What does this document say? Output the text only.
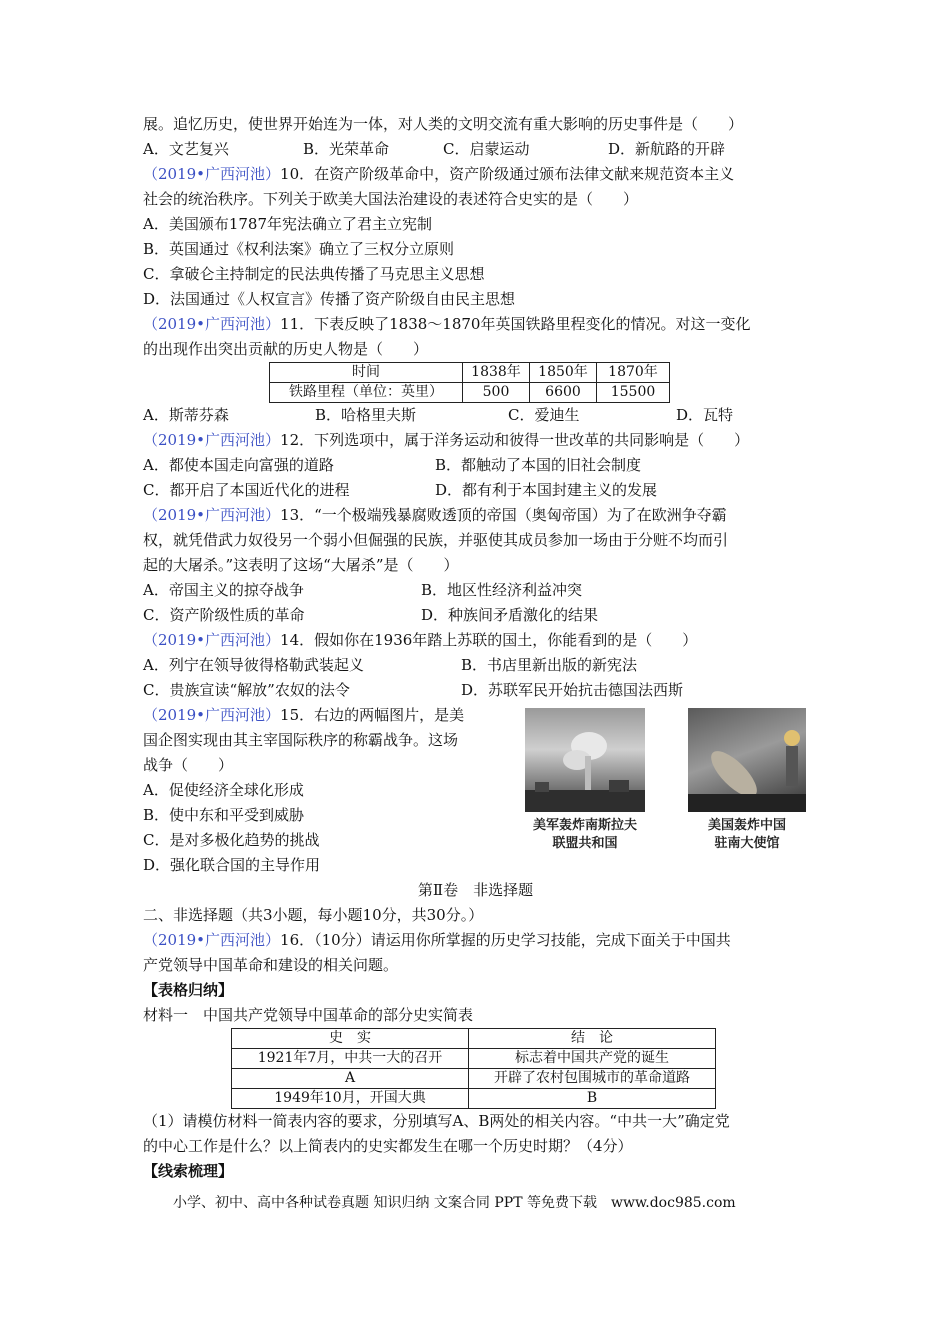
展。追忆历史，使世界开始连为一体，对人类的文明交流有重大影响的历史事件是（　　）
A．文艺复兴	B．光荣革命	C．启蒙运动	D．新航路的开辟
（2019•广西河池）10．在资产阶级革命中，资产阶级通过颁布法律文献来规范资本主义
社会的统治秩序。下列关于欧美大国法治建设的表述符合史实的是（　　）
A．美国颁布1787年宪法确立了君主立宪制
B．英国通过《权利法案》确立了三权分立原则
C．拿破仑主持制定的民法典传播了马克思主义思想
D．法国通过《人权宣言》传播了资产阶级自由民主思想
（2019•广西河池）11．下表反映了1838～1870年英国铁路里程变化的情况。对这一变化
的出现作出突出贡献的历史人物是（　　）
时间	1838年	1850年	1870年
铁路里程（单位：英里）	500	6600	15500
A．斯蒂芬森	B．哈格里夫斯	C．爱迪生	D．瓦特
（2019•广西河池）12．下列选项中，属于洋务运动和彼得一世改革的共同影响是（　　）
A．都使本国走向富强的道路	B．都触动了本国的旧社会制度
C．都开启了本国近代化的进程	D．都有利于本国封建主义的发展
（2019•广西河池）13．“一个极端残暴腐败透顶的帝国（奥匈帝国）为了在欧洲争夺霸
权，就凭借武力奴役另一个弱小但倔强的民族，并驱使其成员参加一场由于分赃不均而引
起的大屠杀。”这表明了这场“大屠杀”是（　　）
A．帝国主义的掠夺战争	B．地区性经济利益冲突
C．资产阶级性质的革命	D．种族间矛盾激化的结果
（2019•广西河池）14．假如你在1936年踏上苏联的国土，你能看到的是（　　）
A．列宁在领导彼得格勒武装起义	B．书店里新出版的新宪法
C．贵族宣读“解放”农奴的法令	D．苏联军民开始抗击德国法西斯
（2019•广西河池）15．右边的两幅图片，是美
国企图实现由其主宰国际秩序的称霸战争。这场
战争（　　）
A．促使经济全球化形成
B．使中东和平受到威胁
C．是对多极化趋势的挑战
D．强化联合国的主导作用
第Ⅱ卷　非选择题
二、非选择题（共3小题，每小题10分，共30分。）
（2019•广西河池）16．（10分）请运用你所掌握的历史学习技能，完成下面关于中国共
产党领导中国革命和建设的相关问题。
【表格归纳】
材料一　中国共产党领导中国革命的部分史实简表
史　实	结　论
1921年7月，中共一大的召开	标志着中国共产党的诞生
A	开辟了农村包围城市的革命道路
1949年10月，开国大典	B
（1）请模仿材料一简表内容的要求，分别填写A、B两处的相关内容。“中共一大”确定党
的中心工作是什么？以上简表内的史实都发生在哪一个历史时期？（4分）
【线索梳理】
美军轰炸南斯拉夫
联盟共和国
美国轰炸中国
驻南大使馆
小学、初中、高中各种试卷真题 知识归纳 文案合同 PPT 等免费下载　www.doc985.com
